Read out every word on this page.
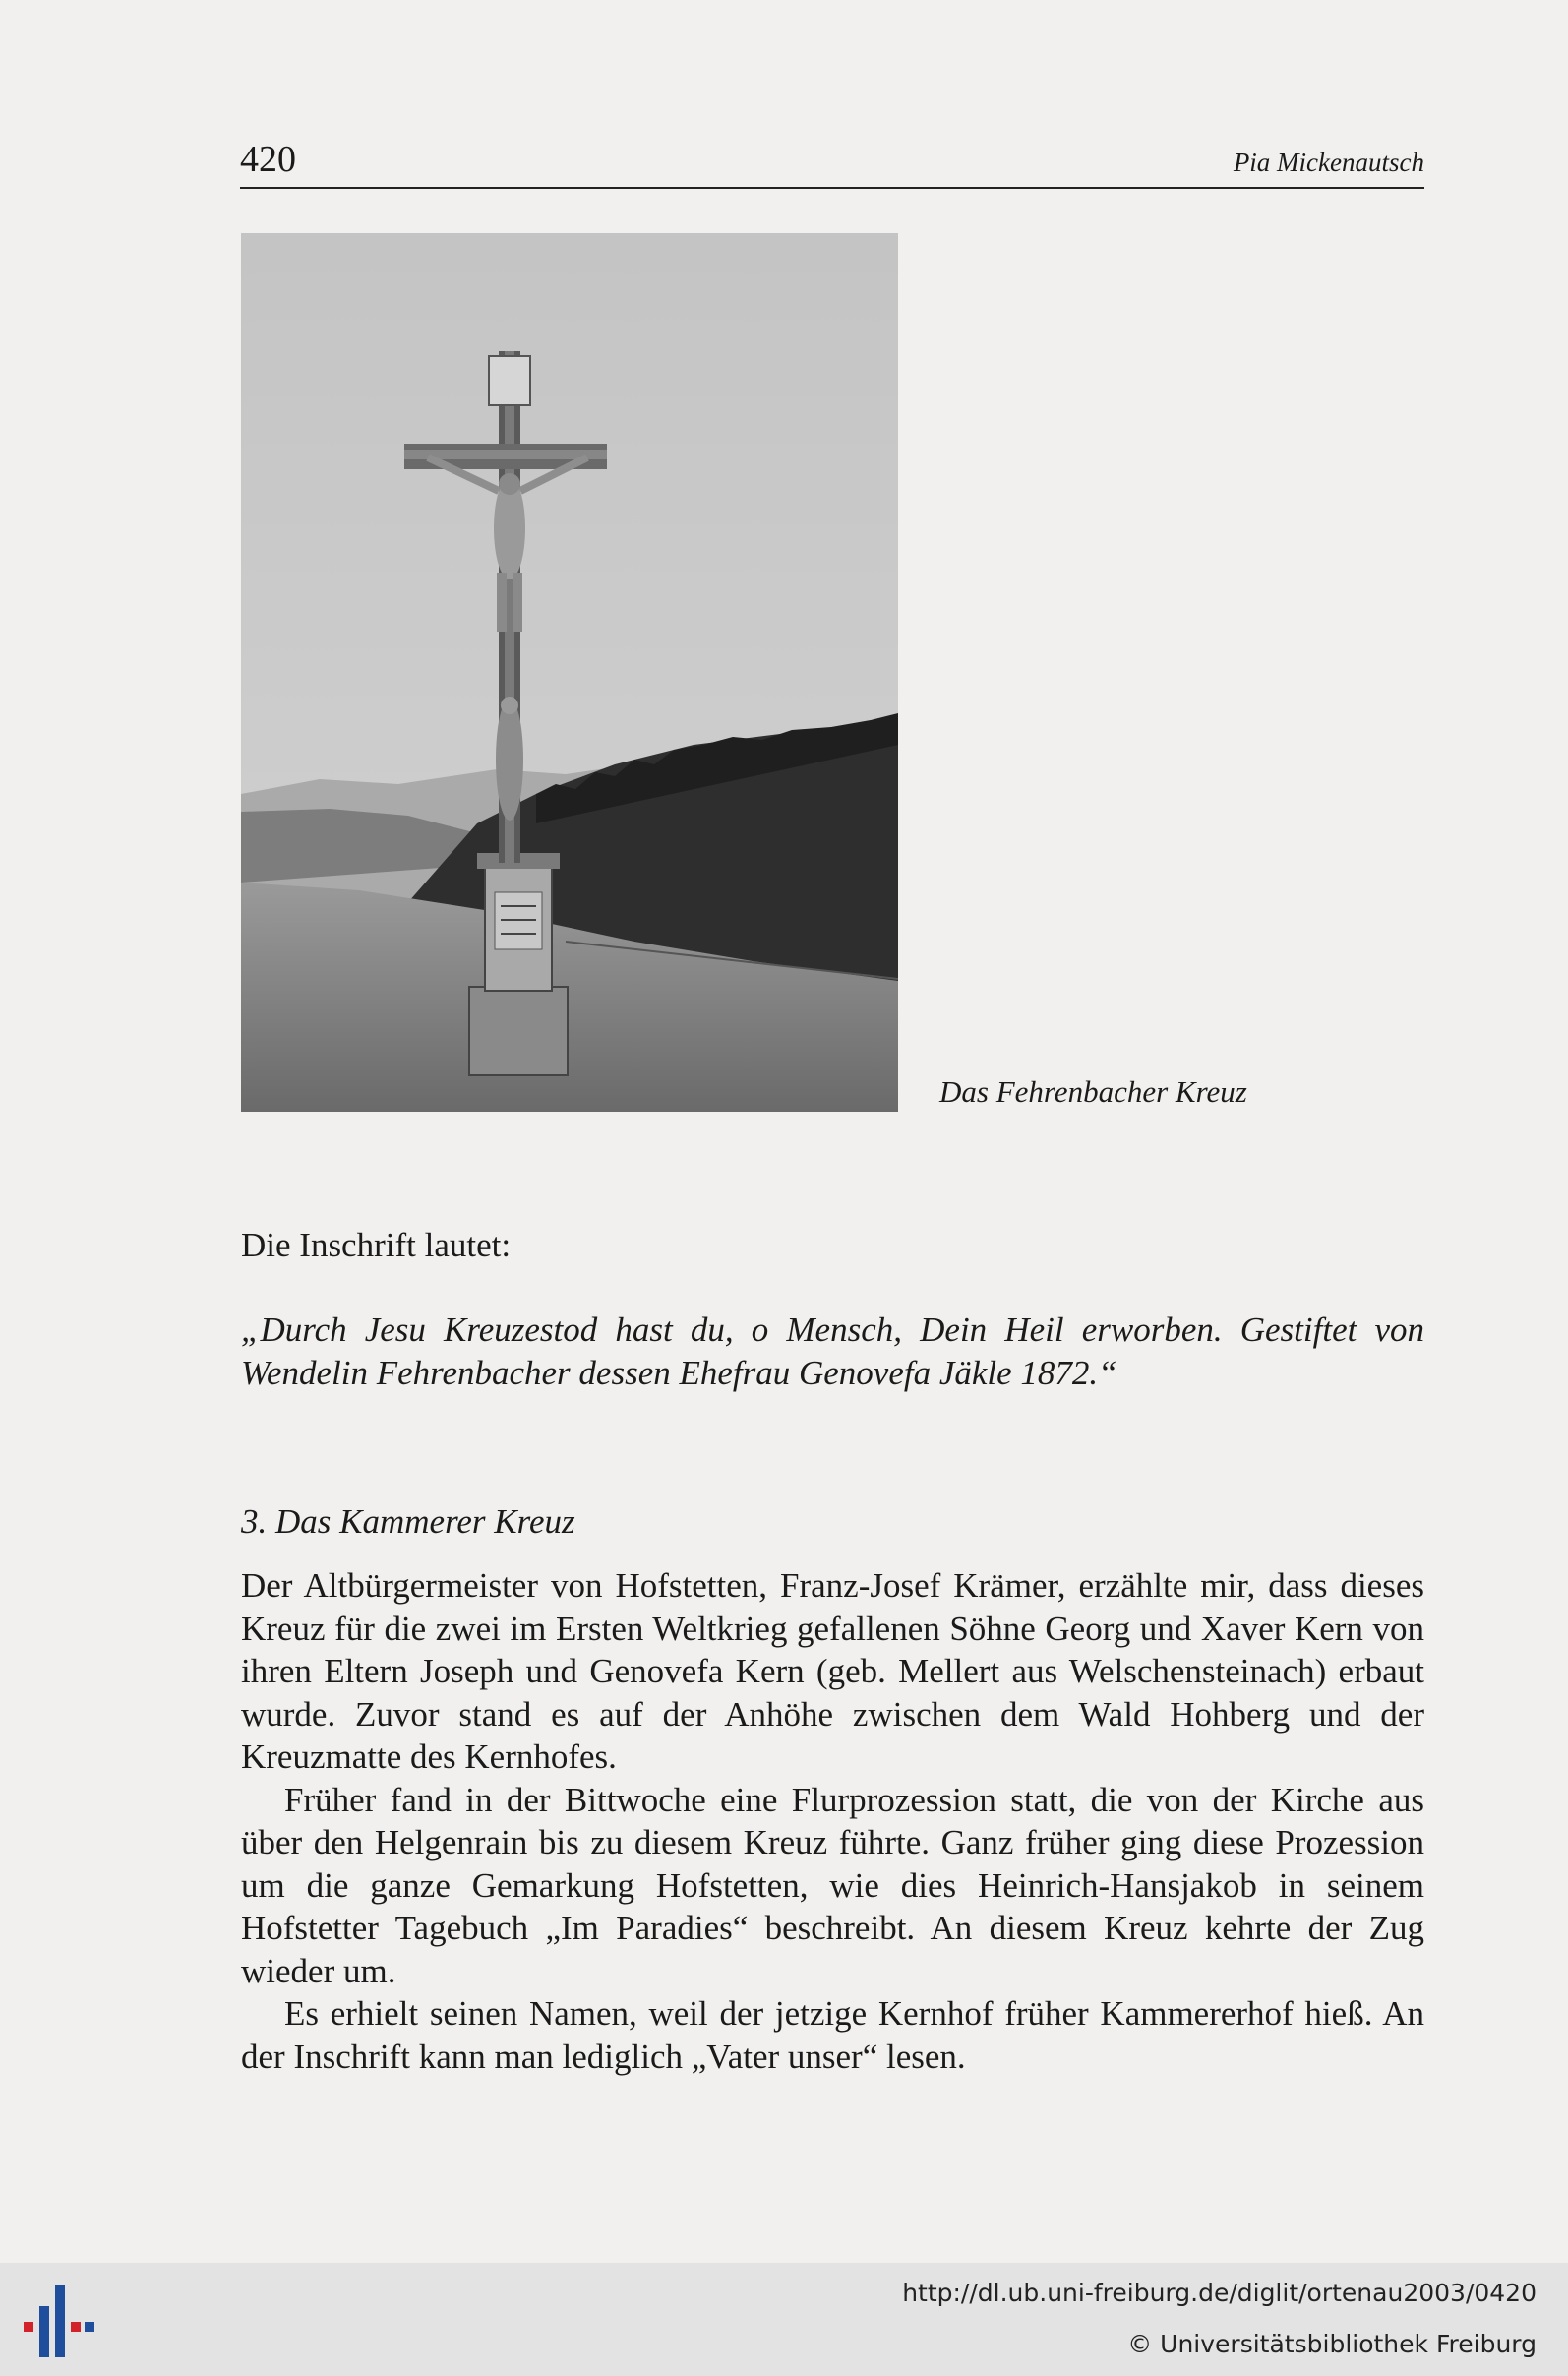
420	Pia Mickenautsch
Das Fehrenbacher Kreuz
Die Inschrift lautet:
„Durch Jesu Kreuzestod hast du, o Mensch, Dein Heil erworben. Gestiftet von Wendelin Fehrenbacher dessen Ehefrau Genovefa Jäkle 1872.“
3. Das Kammerer Kreuz

Der Altbürgermeister von Hofstetten, Franz-Josef Krämer, erzählte mir, dass dieses Kreuz für die zwei im Ersten Weltkrieg gefallenen Söhne Georg und Xaver Kern von ihren Eltern Joseph und Genovefa Kern (geb. Mellert aus Welschensteinach) erbaut wurde. Zuvor stand es auf der Anhöhe zwischen dem Wald Hohberg und der Kreuzmatte des Kernhofes.

Früher fand in der Bittwoche eine Flurprozession statt, die von der Kirche aus über den Helgenrain bis zu diesem Kreuz führte. Ganz früher ging diese Prozession um die ganze Gemarkung Hofstetten, wie dies Heinrich-Hansjakob in seinem Hofstetter Tagebuch „Im Paradies“ beschreibt. An diesem Kreuz kehrte der Zug wieder um.

Es erhielt seinen Namen, weil der jetzige Kernhof früher Kammererhof hieß. An der Inschrift kann man lediglich „Vater unser“ lesen.

http://dl.ub.uni-freiburg.de/diglit/ortenau2003/0420
© Universitätsbibliothek Freiburg
